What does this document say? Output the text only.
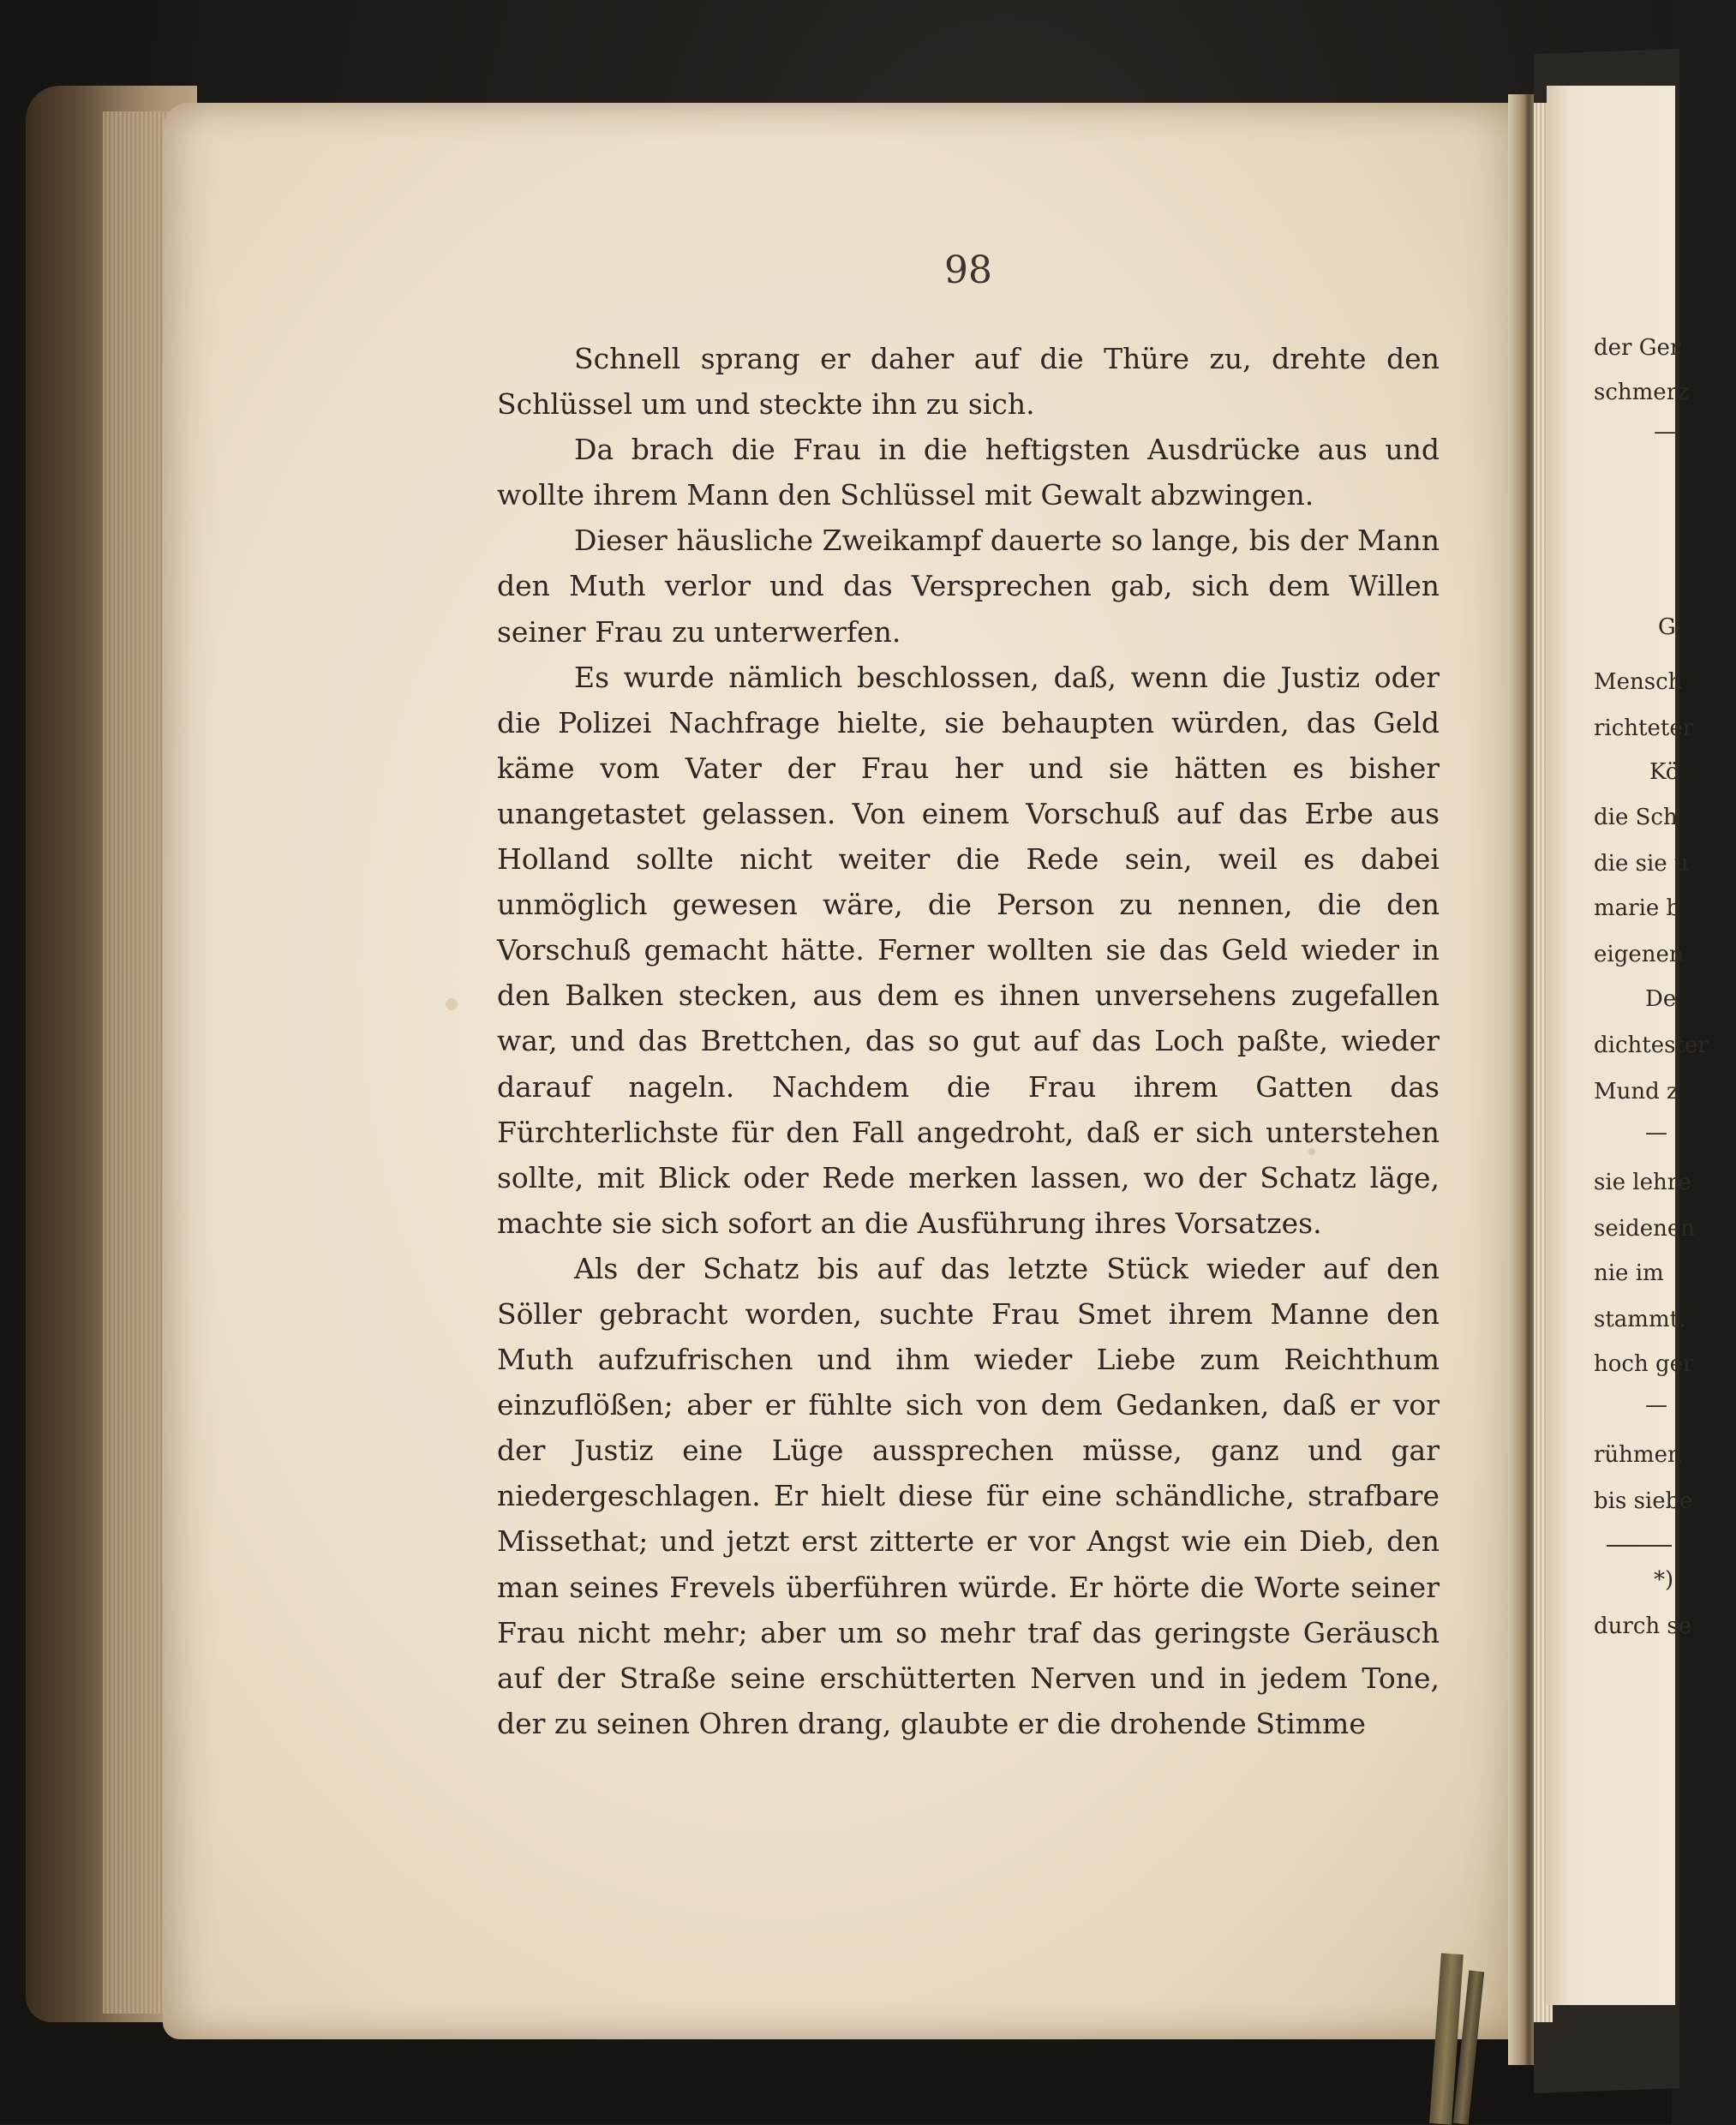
98

Schnell sprang er daher auf die Thüre zu, drehte den Schlüssel um und steckte ihn zu sich.

Da brach die Frau in die heftigsten Ausdrücke aus und wollte ihrem Mann den Schlüssel mit Gewalt abzwingen.

Dieser häusliche Zweikampf dauerte so lange, bis der Mann den Muth verlor und das Versprechen gab, sich dem Willen seiner Frau zu unterwerfen.

Es wurde nämlich beschlossen, daß, wenn die Justiz oder die Polizei Nachfrage hielte, sie behaupten würden, das Geld käme vom Vater der Frau her und sie hätten es bisher unangetastet gelassen. Von einem Vorschuß auf das Erbe aus Holland sollte nicht weiter die Rede sein, weil es dabei unmöglich gewesen wäre, die Person zu nennen, die den Vorschuß gemacht hätte. Ferner wollten sie das Geld wieder in den Balken stecken, aus dem es ihnen unversehens zugefallen war, und das Brettchen, das so gut auf das Loch paßte, wieder darauf nageln. Nachdem die Frau ihrem Gatten das Fürchterlichste für den Fall angedroht, daß er sich unterstehen sollte, mit Blick oder Rede merken lassen, wo der Schatz läge, machte sie sich sofort an die Ausführung ihres Vorsatzes.

Als der Schatz bis auf das letzte Stück wieder auf den Söller gebracht worden, suchte Frau Smet ihrem Manne den Muth aufzufrischen und ihm wieder Liebe zum Reichthum einzuflößen; aber er fühlte sich von dem Gedanken, daß er vor der Justiz eine Lüge aussprechen müsse, ganz und gar niedergeschlagen. Er hielt diese für eine schändliche, strafbare Missethat; und jetzt erst zitterte er vor Angst wie ein Dieb, den man seines Frevels überführen würde. Er hörte die Worte seiner Frau nicht mehr; aber um so mehr traf das geringste Geräusch auf der Straße seine erschütterten Nerven und in jedem Tone, der zu seinen Ohren drang, glaubte er die drohende Stimme

der Ger
schmerz
—
G
Mensch
richteter
Kö
die Sch
die sie u
marie b
eigenen
De
dichtester
Mund z
—
sie lehre
seidenen
nie im
stammt.
hoch ger
—
rühmen
bis siebe
*)
durch se
